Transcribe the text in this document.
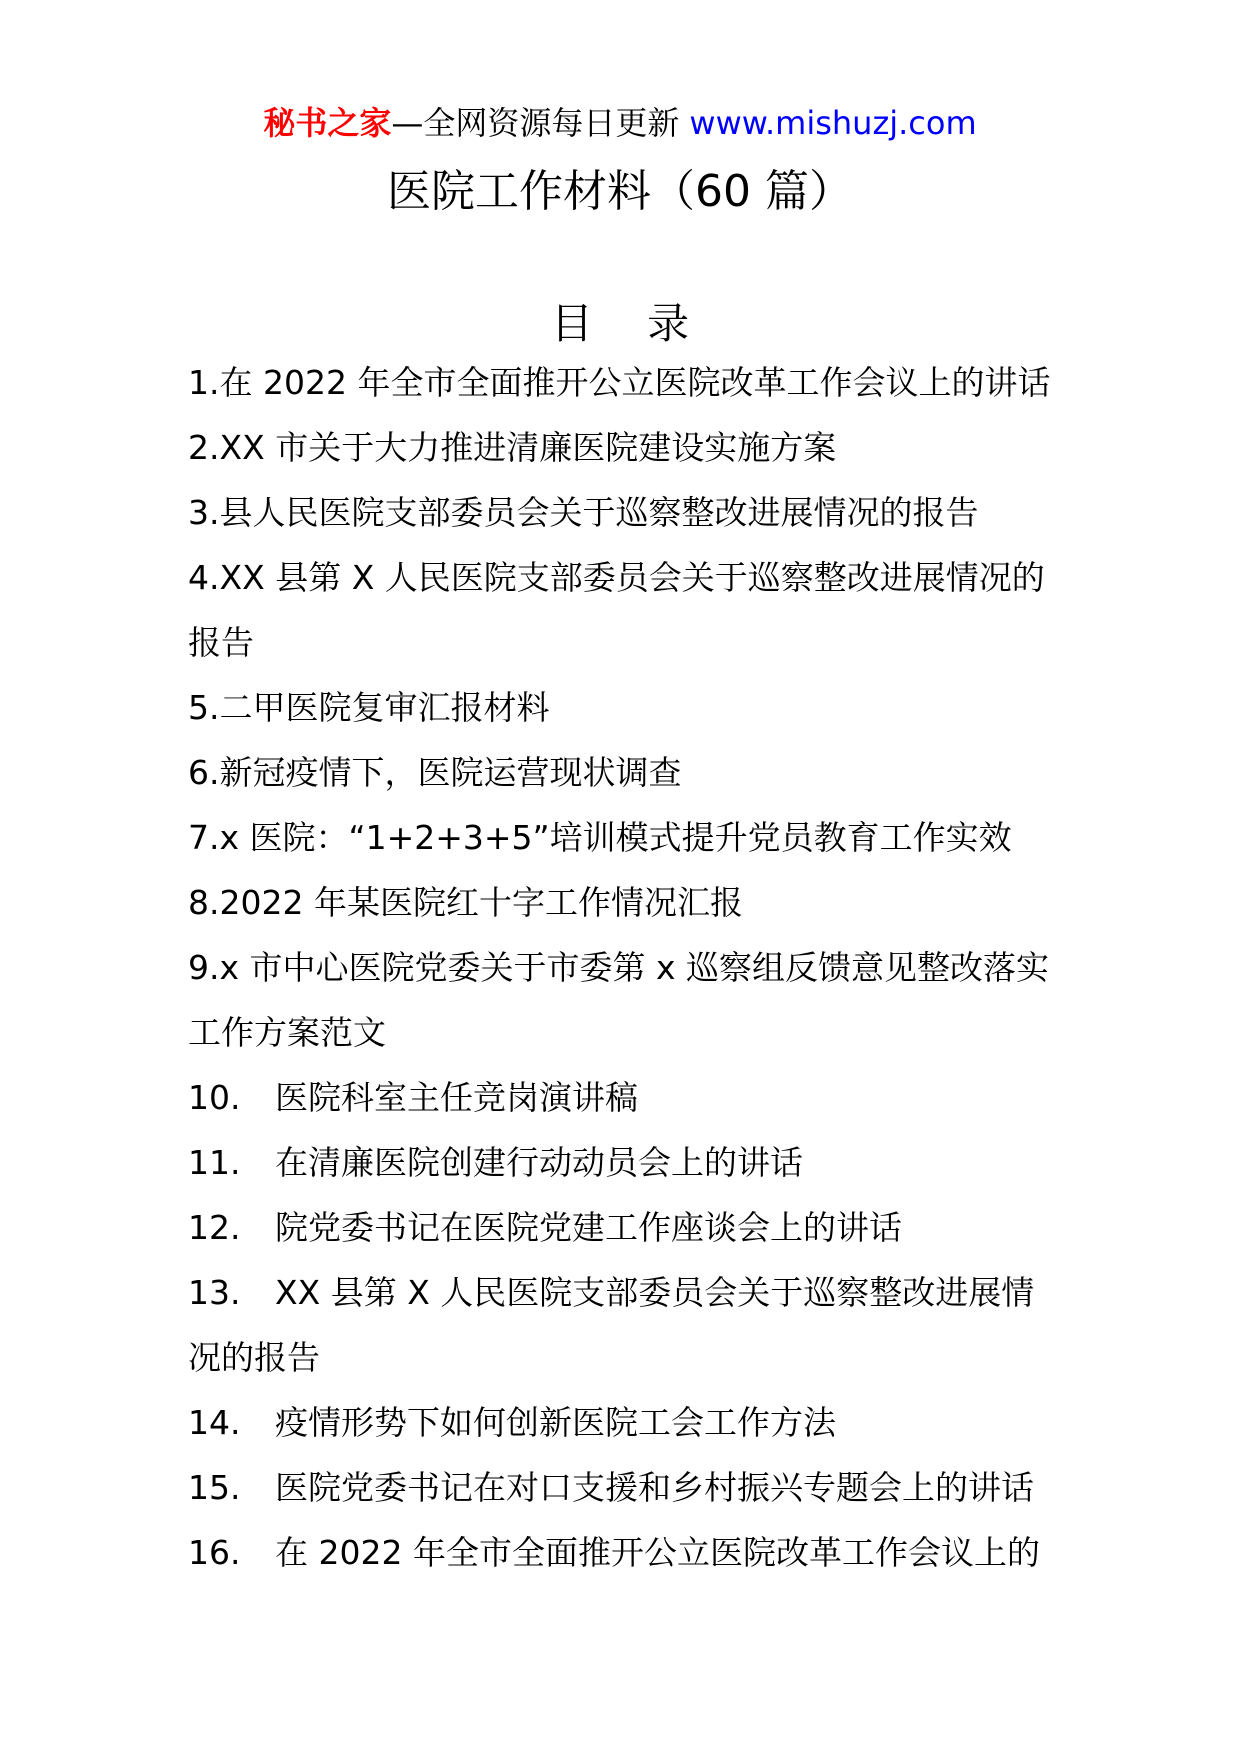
秘书之家—全网资源每日更新 www.mishuzj.com
医院工作材料（60 篇）
目 录
1.在 2022 年全市全面推开公立医院改革工作会议上的讲话
2.XX 市关于大力推进清廉医院建设实施方案
3.县人民医院支部委员会关于巡察整改进展情况的报告
4.XX 县第 X 人民医院支部委员会关于巡察整改进展情况的
报告
5.二甲医院复审汇报材料
6.新冠疫情下，医院运营现状调查
7.x 医院：“1+2+3+5”培训模式提升党员教育工作实效
8.2022 年某医院红十字工作情况汇报
9.x 市中心医院党委关于市委第 x 巡察组反馈意见整改落实
工作方案范文
10. 医院科室主任竞岗演讲稿
11. 在清廉医院创建行动动员会上的讲话
12. 院党委书记在医院党建工作座谈会上的讲话
13. XX 县第 X 人民医院支部委员会关于巡察整改进展情
况的报告
14. 疫情形势下如何创新医院工会工作方法
15. 医院党委书记在对口支援和乡村振兴专题会上的讲话
16. 在 2022 年全市全面推开公立医院改革工作会议上的
